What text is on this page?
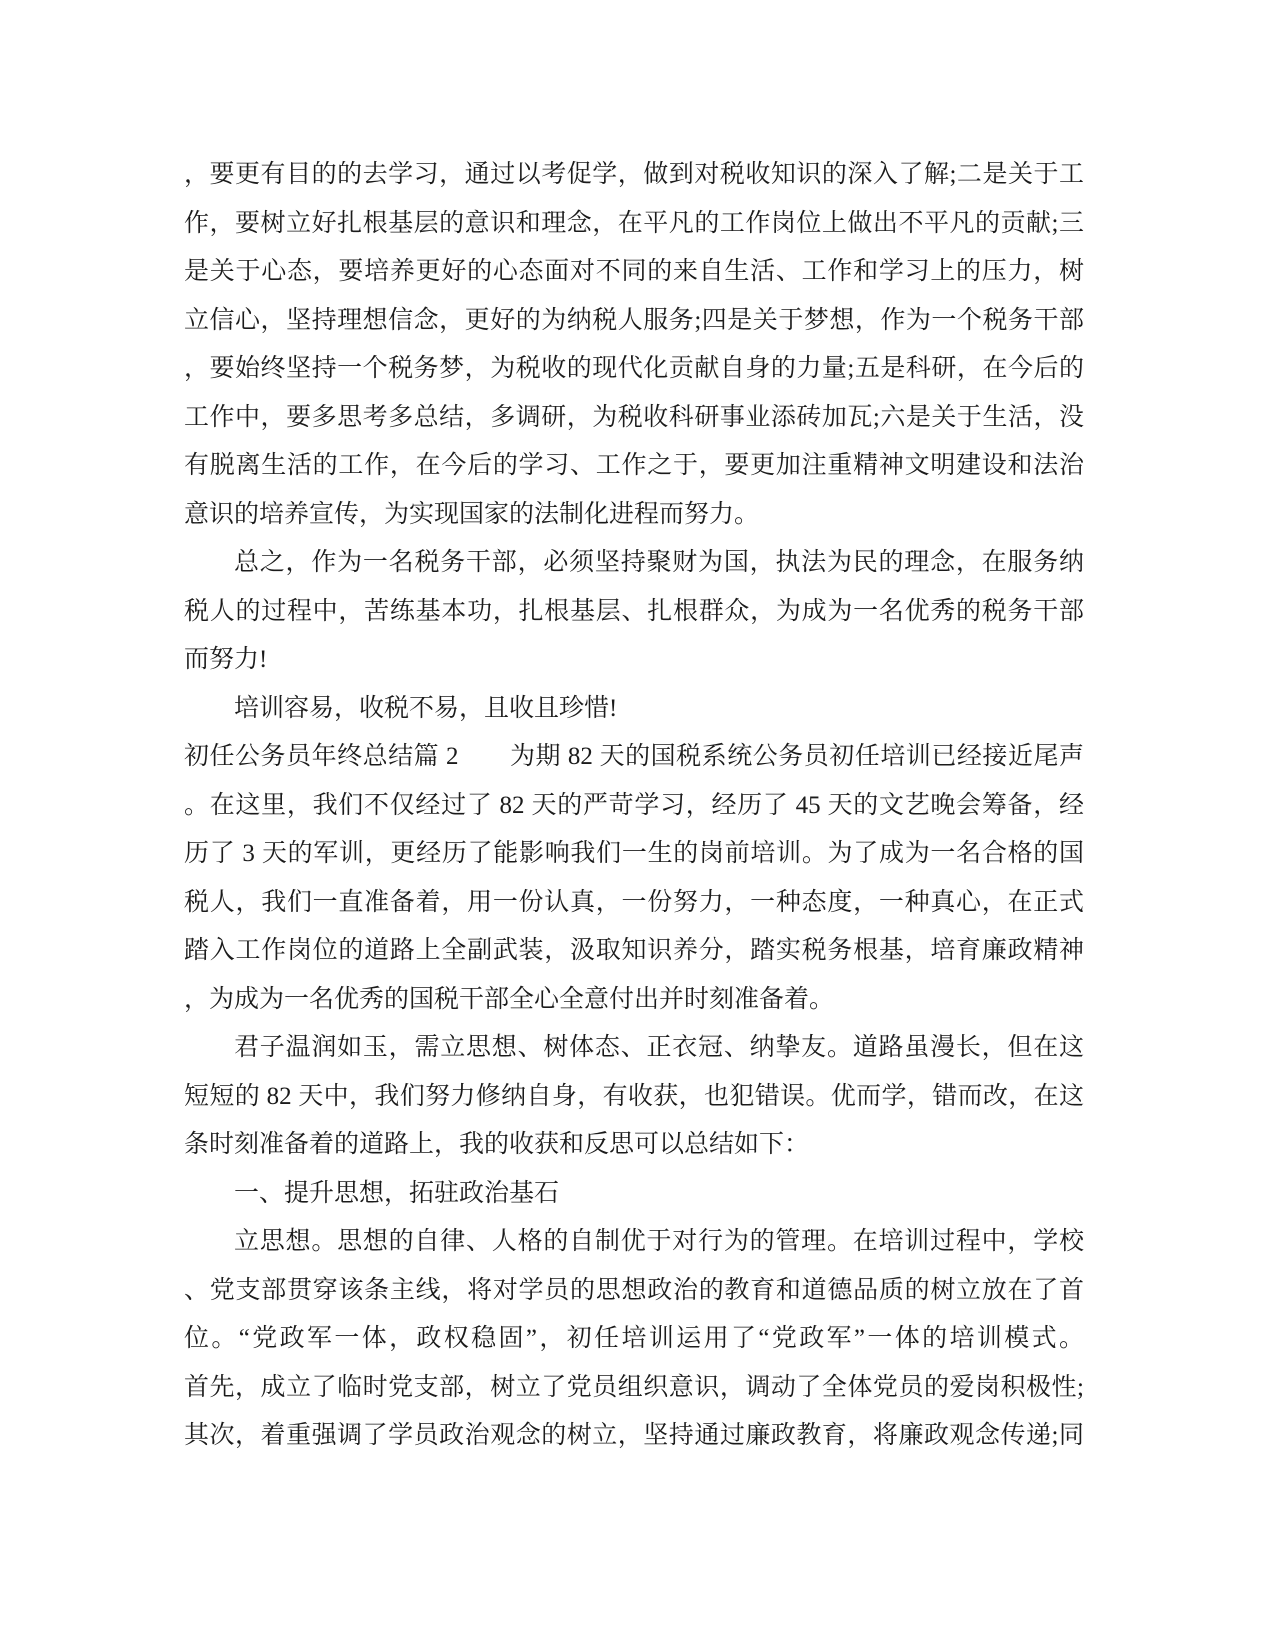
，要更有目的的去学习，通过以考促学，做到对税收知识的深入了解;二是关于工
作，要树立好扎根基层的意识和理念，在平凡的工作岗位上做出不平凡的贡献;三
是关于心态，要培养更好的心态面对不同的来自生活、工作和学习上的压力，树
立信心，坚持理想信念，更好的为纳税人服务;四是关于梦想，作为一个税务干部
，要始终坚持一个税务梦，为税收的现代化贡献自身的力量;五是科研，在今后的
工作中，要多思考多总结，多调研，为税收科研事业添砖加瓦;六是关于生活，没
有脱离生活的工作，在今后的学习、工作之于，要更加注重精神文明建设和法治
意识的培养宣传，为实现国家的法制化进程而努力。
总之，作为一名税务干部，必须坚持聚财为国，执法为民的理念，在服务纳
税人的过程中，苦练基本功，扎根基层、扎根群众，为成为一名优秀的税务干部
而努力!
培训容易，收税不易，且收且珍惜!
初任公务员年终总结篇 2　　为期 82 天的国税系统公务员初任培训已经接近尾声
。在这里，我们不仅经过了 82 天的严苛学习，经历了 45 天的文艺晚会筹备，经
历了 3 天的军训，更经历了能影响我们一生的岗前培训。为了成为一名合格的国
税人，我们一直准备着，用一份认真，一份努力，一种态度，一种真心，在正式
踏入工作岗位的道路上全副武装，汲取知识养分，踏实税务根基，培育廉政精神
，为成为一名优秀的国税干部全心全意付出并时刻准备着。
君子温润如玉，需立思想、树体态、正衣冠、纳挚友。道路虽漫长，但在这
短短的 82 天中，我们努力修纳自身，有收获，也犯错误。优而学，错而改，在这
条时刻准备着的道路上，我的收获和反思可以总结如下：
一、提升思想，拓驻政治基石
立思想。思想的自律、人格的自制优于对行为的管理。在培训过程中，学校
、党支部贯穿该条主线，将对学员的思想政治的教育和道德品质的树立放在了首
位。“党政军一体，政权稳固”，初任培训运用了“党政军”一体的培训模式。
首先，成立了临时党支部，树立了党员组织意识，调动了全体党员的爱岗积极性;
其次，着重强调了学员政治观念的树立，坚持通过廉政教育，将廉政观念传递;同
